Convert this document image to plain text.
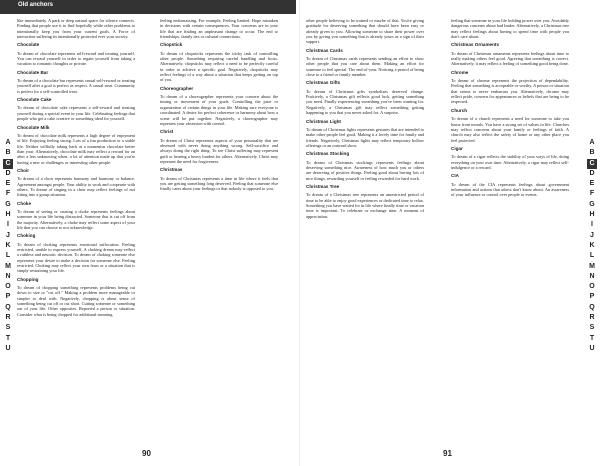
Old anchors
A
B
C
D
E
F
G
H
I
J
K
L
M
N
O
P
Q
R
S
T
U
A
B
C
D
E
F
G
H
I
J
K
L
M
N
O
P
Q
R
S
T
U

like immediately. A park or deep natural space for silence connects. Finding that people use it to find hopefully while other problems to intentionally keep you from your current goals. A Force of interaction suffering its intentionally protected ever your society.

Chocolate

To dream of chocolate represents self-reward and treating yourself. You can reward yourself in order to regain yourself from taking a vacation to romantic thoughts or private.

Chocolate Bar

To dream of a chocolate bar represents casual self-reward or treating yourself after a goal is perfect as respect. A casual treat. Community is perfect for a self-controlled treat.

Chocolate Cake

To dream of chocolate cake represents a self-reward and treating yourself during a special event in your life. Celebrating feelings that people who get a cake creative or something ideal for yourself.

Chocolate Milk

To dream of chocolate milk represents a high degree of enjoyment of life. Enjoying feeling strong. Lots of a fun production or a stable life. Neither willfully taking back at a momentus chocolate better than your. Alternatively, chocolate milk may reflect a reward for an after a less unknowing when, a lot of attention made up that you're having a new or challenges or interesting other people.

Choir

To dream of a choir represents harmony and harmony or balance. Agreement amongst people. Your ability to work and cooperate with others. To dream of singing in a choir may reflect feelings of not fitting into a group situation.

Choke

To dream of seeing or causing a choke represents feelings about someone in your life being distracted. Someone that is cut off from the majority. Alternatively, a choke may reflect some aspect of your life that you can choose to not acknowledge.

Choking

To dream of choking represents emotional suffocation. Feeling restricted, unable to express yourself. A choking dream may reflect a ruthless and neurotic decision. To dream of choking someone else represents your desire to make a decision for someone else. Feeling restricted. Choking may reflect your own fears or a situation that is simply restraining your life.

Chopping

To dream of chopping something represents problems being cut down to size or "cut off." Making a problem more manageable or simpler to deal with. Negatively, chopping is about sense of something being cut off or cut short. Cutting someone or something out of your life. Other opposites. Reported a person or situation. Consider what is being chopped for additional meaning.

feeling embarrassing. For example, Feeling limited. Hope mistaken in decisions with certain consequences. Your concerns are in your life that are finding an unpleasant change to occur. The end to friendships, family ties or cultural connections.

Chopstick

To dream of chopsticks represents the tricky task of controlling other people. Something requiring careful handling and focus. Alternatively, chopsticks may reflect a need to be perfectly careful in order to achieve a specific goal. Negatively, chopsticks may reflect feelings of a way about a situation that keeps getting on top of you.

Choreographer

To dream of a choreographer represents your concern about the timing or movement of your goals. Controlling the pace or organization of certain things in your life. Making sure everyone is coordinated. A desire for perfect coherence or harmony about how a scene will be put together. Negatively, a choreographer may represent your obsession with control.

Christ

To dream of Christ represents aspects of your personality that are obsessed with never doing anything wrong. Self-sacrifice and always doing the right thing. To see Christ suffering may represent guilt or bearing a heavy burden for others. Alternatively, Christ may represent the need for forgiveness.

Christmas

To dream of Christmas represents a time in life where it feels that you are getting something long deserved. Feeling that someone else finally cares about your feelings or that nobody is opposed to you.

other people believing to be trained or maybe of that. You're giving gratitude for deserving something that should have been easy or already given to you. Allowing someone to share their power over you by giving you something that is already yours as a sign of their support.

Christmas Cards

To dream of Christmas cards represents sending an effort to show other people that you care about them. Making an effort for someone to feel special. The end-of-year. Noticing a period of being close to a friend or family member.

Christmas Gifts

To dream of Christmas gifts symbolizes deserved change. Positively, a Christmas gift reflects good luck, getting something you need. Finally experiencing something you've been wanting for. Negatively, a Christmas gift may reflect something getting happening to you that you never asked for. A surprise.

Christmas Light

To dream of Christmas lights represents gestures that are intended to make other people feel good. Making it a lovely time for family and friends. Negatively, Christmas lights may reflect temporary hollow offerings or an outward show.

Christmas Stocking

To dream of Christmas stockings represents feelings about deserving something nice. Awareness of how much you or others are deserving of positive things. Feeling good about having lots of nice things, rewarding yourself or feeling rewarded for hard work.

Christmas Tree

To dream of a Christmas tree represents an unrestricted period of time to be able to enjoy good experiences or dedicated time to relax. Something you have waited for in life where finally time or vacation time is important. To celebrate or exchange time. A moment of appreciation.

feeling that someone in your life holding power over you. Avoidably dangerous concerns about bad leader. Alternatively, a Christmas tree may reflect feelings about having to spend time with people you don't care about.

Christmas Ornaments

To dream of Christmas ornaments represents feelings about time to really making others feel good. Agreeing that something is correct. Alternatively, it may reflect a feeling of something good being done.

Chrome

To dream of chrome represents the projection of dependability. Feeling that something is acceptable or worthy. A person or situation that seems to never embarrass you. Alternatively, chrome may reflect pride, concern for appearances or beliefs that are being to be respected.

Church

To dream of a church represents a need for someone to take you home from morals. You have a strong set of values in life. Churches may reflect concerns about your family or feelings of faith. A church may also reflect the safety of home or any other place you feel protected.

Cigar

To dream of a cigar reflects the stability of your ways of life, doing everything on your own time. Alternatively, a cigar may reflect self-indulgence or a reward.

CIA

To dream of the CIA represents feelings about government information and actions that others don't know about. An awareness of your influence or control over people or events.

90	91
